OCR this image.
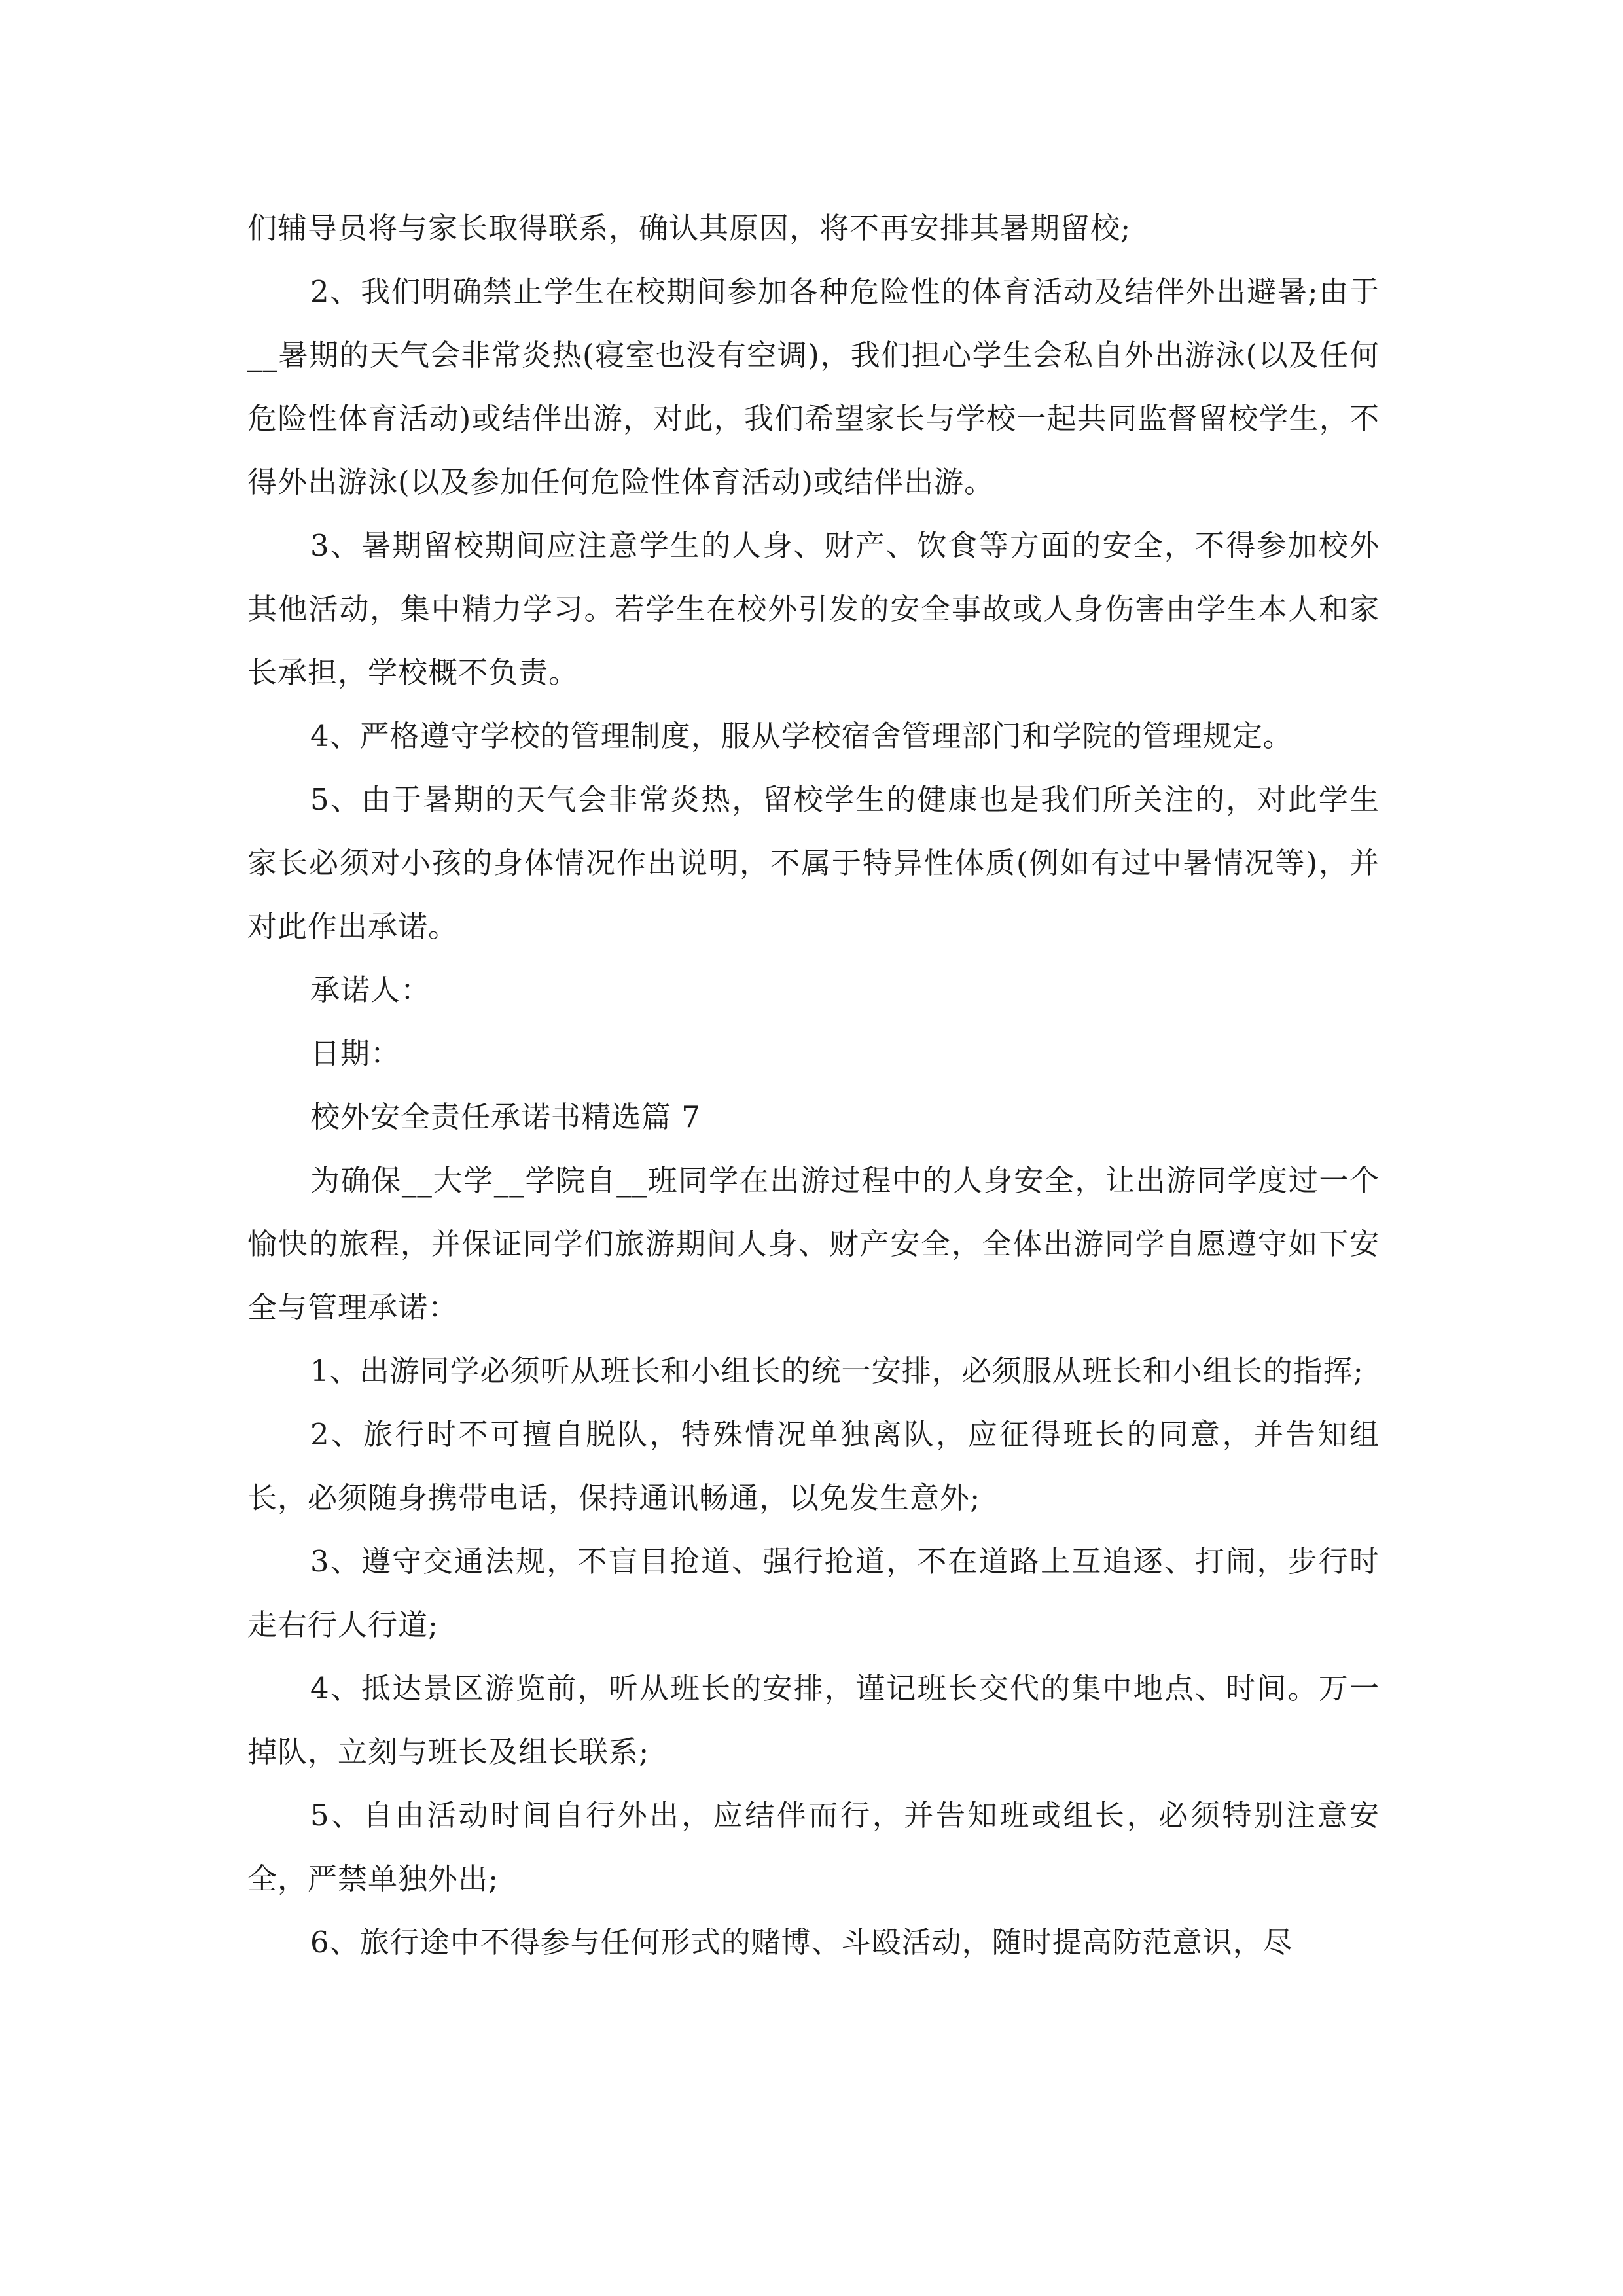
们辅导员将与家长取得联系，确认其原因，将不再安排其暑期留校;

2、我们明确禁止学生在校期间参加各种危险性的体育活动及结伴外出避暑;由于__暑期的天气会非常炎热(寝室也没有空调)，我们担心学生会私自外出游泳(以及任何危险性体育活动)或结伴出游，对此，我们希望家长与学校一起共同监督留校学生，不得外出游泳(以及参加任何危险性体育活动)或结伴出游。

3、暑期留校期间应注意学生的人身、财产、饮食等方面的安全，不得参加校外其他活动，集中精力学习。若学生在校外引发的安全事故或人身伤害由学生本人和家长承担，学校概不负责。

4、严格遵守学校的管理制度，服从学校宿舍管理部门和学院的管理规定。

5、由于暑期的天气会非常炎热，留校学生的健康也是我们所关注的，对此学生家长必须对小孩的身体情况作出说明，不属于特异性体质(例如有过中暑情况等)，并对此作出承诺。

承诺人：

日期：

校外安全责任承诺书精选篇 7

为确保__大学__学院自__班同学在出游过程中的人身安全，让出游同学度过一个愉快的旅程，并保证同学们旅游期间人身、财产安全，全体出游同学自愿遵守如下安全与管理承诺：

1、出游同学必须听从班长和小组长的统一安排，必须服从班长和小组长的指挥;

2、旅行时不可擅自脱队，特殊情况单独离队，应征得班长的同意，并告知组长，必须随身携带电话，保持通讯畅通，以免发生意外;

3、遵守交通法规，不盲目抢道、强行抢道，不在道路上互追逐、打闹，步行时走右行人行道;

4、抵达景区游览前，听从班长的安排，谨记班长交代的集中地点、时间。万一掉队，立刻与班长及组长联系;

5、自由活动时间自行外出，应结伴而行，并告知班或组长，必须特别注意安全，严禁单独外出;

6、旅行途中不得参与任何形式的赌博、斗殴活动，随时提高防范意识，尽
